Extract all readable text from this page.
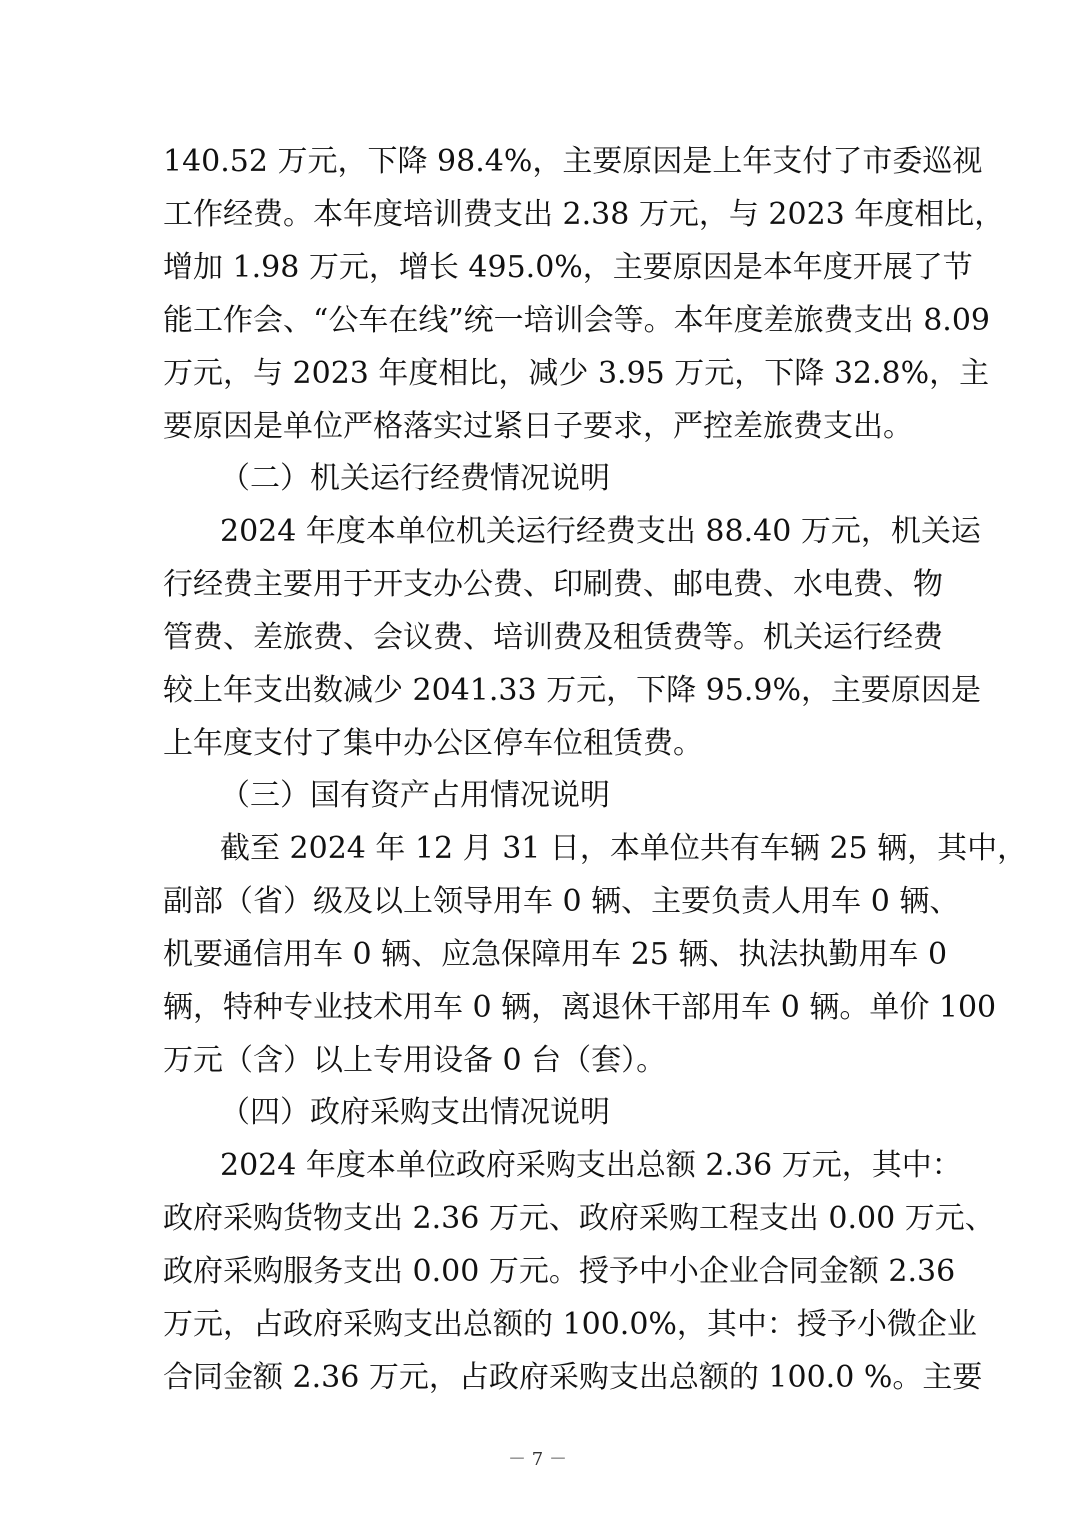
140.52 万元，下降 98.4%，主要原因是上年支付了市委巡视
工作经费。本年度培训费支出 2.38 万元，与 2023 年度相比，
增加 1.98 万元，增长 495.0%，主要原因是本年度开展了节
能工作会、“公车在线”统一培训会等。本年度差旅费支出 8.09
万元，与 2023 年度相比，减少 3.95 万元，下降 32.8%，主
要原因是单位严格落实过紧日子要求，严控差旅费支出。
（二）机关运行经费情况说明
2024 年度本单位机关运行经费支出 88.40 万元，机关运
行经费主要用于开支办公费、印刷费、邮电费、水电费、物
管费、差旅费、会议费、培训费及租赁费等。机关运行经费
较上年支出数减少 2041.33 万元，下降 95.9%，主要原因是
上年度支付了集中办公区停车位租赁费。
（三）国有资产占用情况说明
截至 2024 年 12 月 31 日，本单位共有车辆 25 辆，其中，
副部（省）级及以上领导用车 0 辆、主要负责人用车 0 辆、
机要通信用车 0 辆、应急保障用车 25 辆、执法执勤用车 0
辆，特种专业技术用车 0 辆，离退休干部用车 0 辆。单价 100
万元（含）以上专用设备 0 台（套）。
（四）政府采购支出情况说明
2024 年度本单位政府采购支出总额 2.36 万元，其中：
政府采购货物支出 2.36 万元、政府采购工程支出 0.00 万元、
政府采购服务支出 0.00 万元。授予中小企业合同金额 2.36
万元，占政府采购支出总额的 100.0%，其中：授予小微企业
合同金额 2.36 万元，占政府采购支出总额的 100.0 %。主要
－ 7 －
